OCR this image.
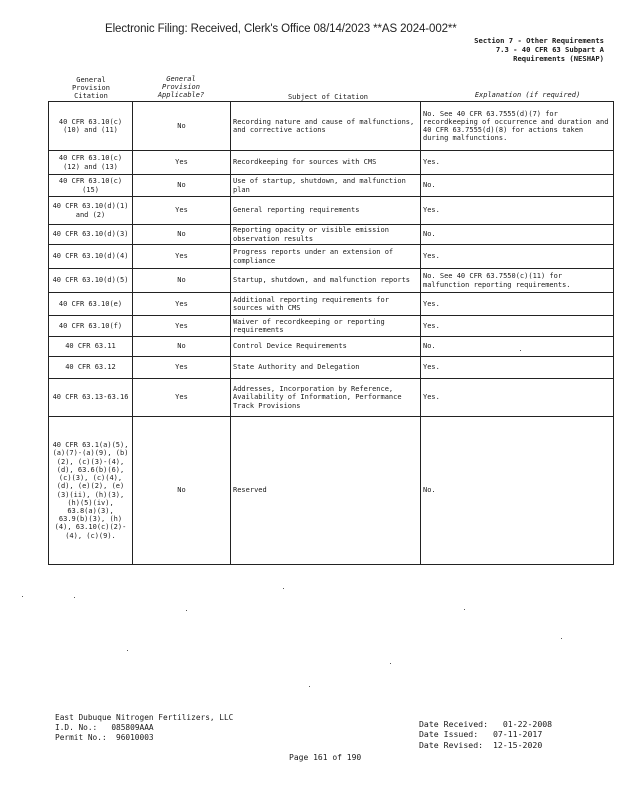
Electronic Filing: Received, Clerk's Office 08/14/2023 **AS 2024-002**
Section 7 - Other Requirements
7.3 - 40 CFR 63 Subpart A
Requirements (NESHAP)
General Provision Citation
General Provision Applicable?	Subject of Citation	Explanation (if required)
40 CFR 63.10(c)(10) and (11)	No	Recording nature and cause of malfunctions, and corrective actions	No. See 40 CFR 63.7555(d)(7) for recordkeeping of occurrence and duration and 40 CFR 63.7555(d)(8) for actions taken during malfunctions.
40 CFR 63.10(c)(12) and (13)	Yes	Recordkeeping for sources with CMS	Yes.
40 CFR 63.10(c)(15)	No	Use of startup, shutdown, and malfunction plan	No.
40 CFR 63.10(d)(1) and (2)	Yes	General reporting requirements	Yes.
40 CFR 63.10(d)(3)	No	Reporting opacity or visible emission observation results	No.
40 CFR 63.10(d)(4)	Yes	Progress reports under an extension of compliance	Yes.
40 CFR 63.10(d)(5)	No	Startup, shutdown, and malfunction reports	No. See 40 CFR 63.7550(c)(11) for malfunction reporting requirements.
40 CFR 63.10(e)	Yes	Additional reporting requirements for sources with CMS	Yes.
40 CFR 63.10(f)	Yes	Waiver of recordkeeping or reporting requirements	Yes.
40 CFR 63.11	No	Control Device Requirements	No.
40 CFR 63.12	Yes	State Authority and Delegation	Yes.
40 CFR 63.13-63.16	Yes	Addresses, Incorporation by Reference, Availability of Information, Performance Track Provisions	Yes.
40 CFR 63.1(a)(5), (a)(7)-(a)(9), (b)(2), (c)(3)-(4), (d), 63.6(b)(6), (c)(3), (c)(4), (d), (e)(2), (e)(3)(ii), (h)(3), (h)(5)(iv), 63.8(a)(3), 63.9(b)(3), (h)(4), 63.10(c)(2)-(4), (c)(9).	No	Reserved	No.
East Dubuque Nitrogen Fertilizers, LLC
I.D. No.: 085809AAA
Permit No.: 96010003
Date Received: 01-22-2008
Date Issued: 07-11-2017
Date Revised: 12-15-2020
Page 161 of 190
